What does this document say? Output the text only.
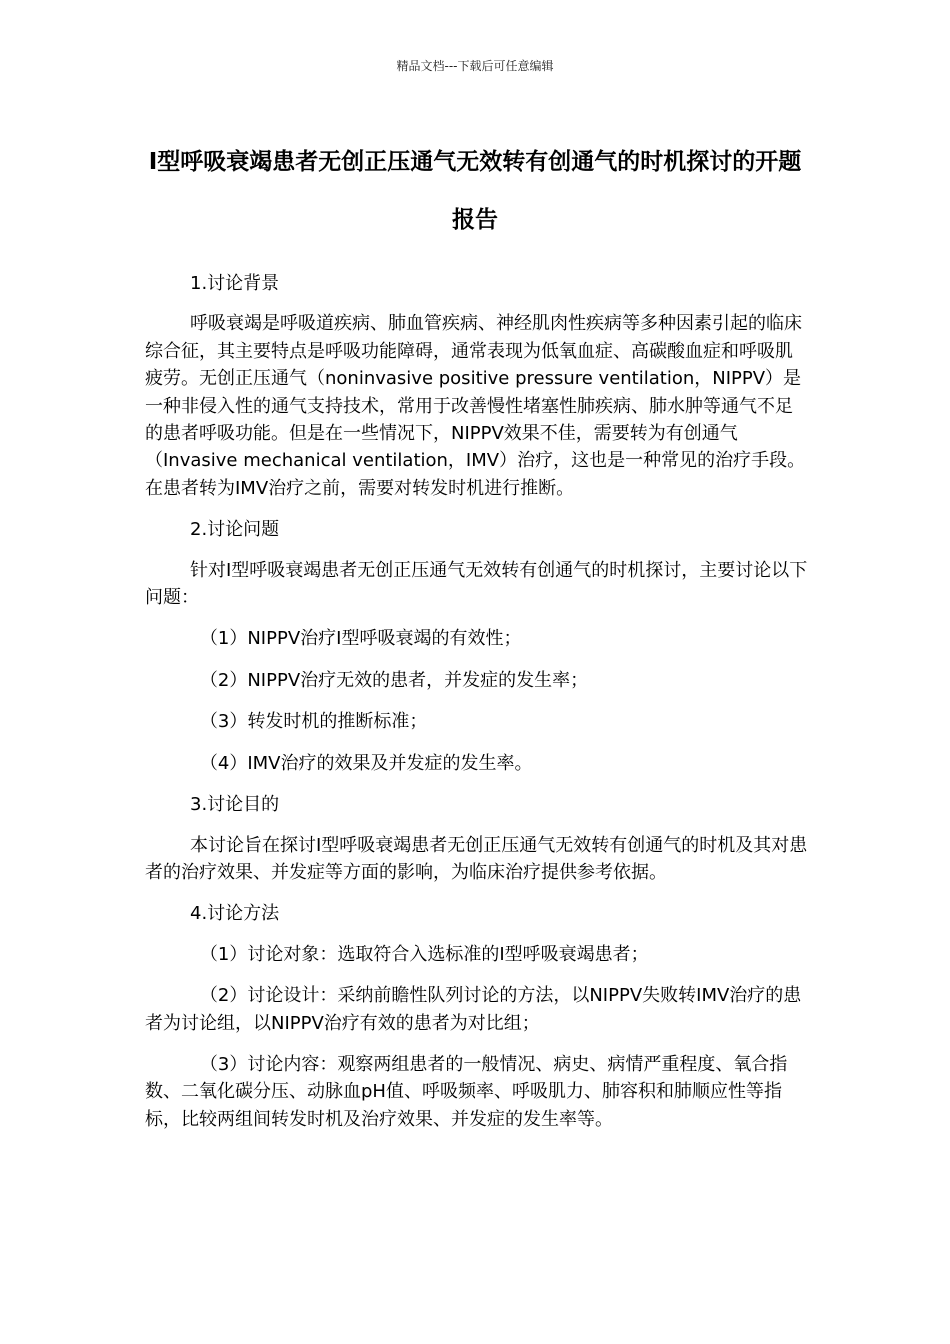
精品文档---下载后可任意编辑
Ⅰ型呼吸衰竭患者无创正压通气无效转有创通气的时机探讨的开题报告

1.讨论背景

呼吸衰竭是呼吸道疾病、肺血管疾病、神经肌肉性疾病等多种因素引起的临床综合征，其主要特点是呼吸功能障碍，通常表现为低氧血症、高碳酸血症和呼吸肌疲劳。无创正压通气（noninvasive positive pressure ventilation，NIPPV）是一种非侵入性的通气支持技术，常用于改善慢性堵塞性肺疾病、肺水肿等通气不足的患者呼吸功能。但是在一些情况下，NIPPV效果不佳，需要转为有创通气（Invasive mechanical ventilation，IMV）治疗，这也是一种常见的治疗手段。在患者转为IMV治疗之前，需要对转发时机进行推断。

2.讨论问题

针对Ⅰ型呼吸衰竭患者无创正压通气无效转有创通气的时机探讨，主要讨论以下问题：

（1）NIPPV治疗Ⅰ型呼吸衰竭的有效性；

（2）NIPPV治疗无效的患者，并发症的发生率；

（3）转发时机的推断标准；

（4）IMV治疗的效果及并发症的发生率。

3.讨论目的

本讨论旨在探讨Ⅰ型呼吸衰竭患者无创正压通气无效转有创通气的时机及其对患者的治疗效果、并发症等方面的影响，为临床治疗提供参考依据。

4.讨论方法

（1）讨论对象：选取符合入选标准的Ⅰ型呼吸衰竭患者；

（2）讨论设计：采纳前瞻性队列讨论的方法，以NIPPV失败转IMV治疗的患者为讨论组，以NIPPV治疗有效的患者为对比组；

（3）讨论内容：观察两组患者的一般情况、病史、病情严重程度、氧合指数、二氧化碳分压、动脉血pH值、呼吸频率、呼吸肌力、肺容积和肺顺应性等指标，比较两组间转发时机及治疗效果、并发症的发生率等。
